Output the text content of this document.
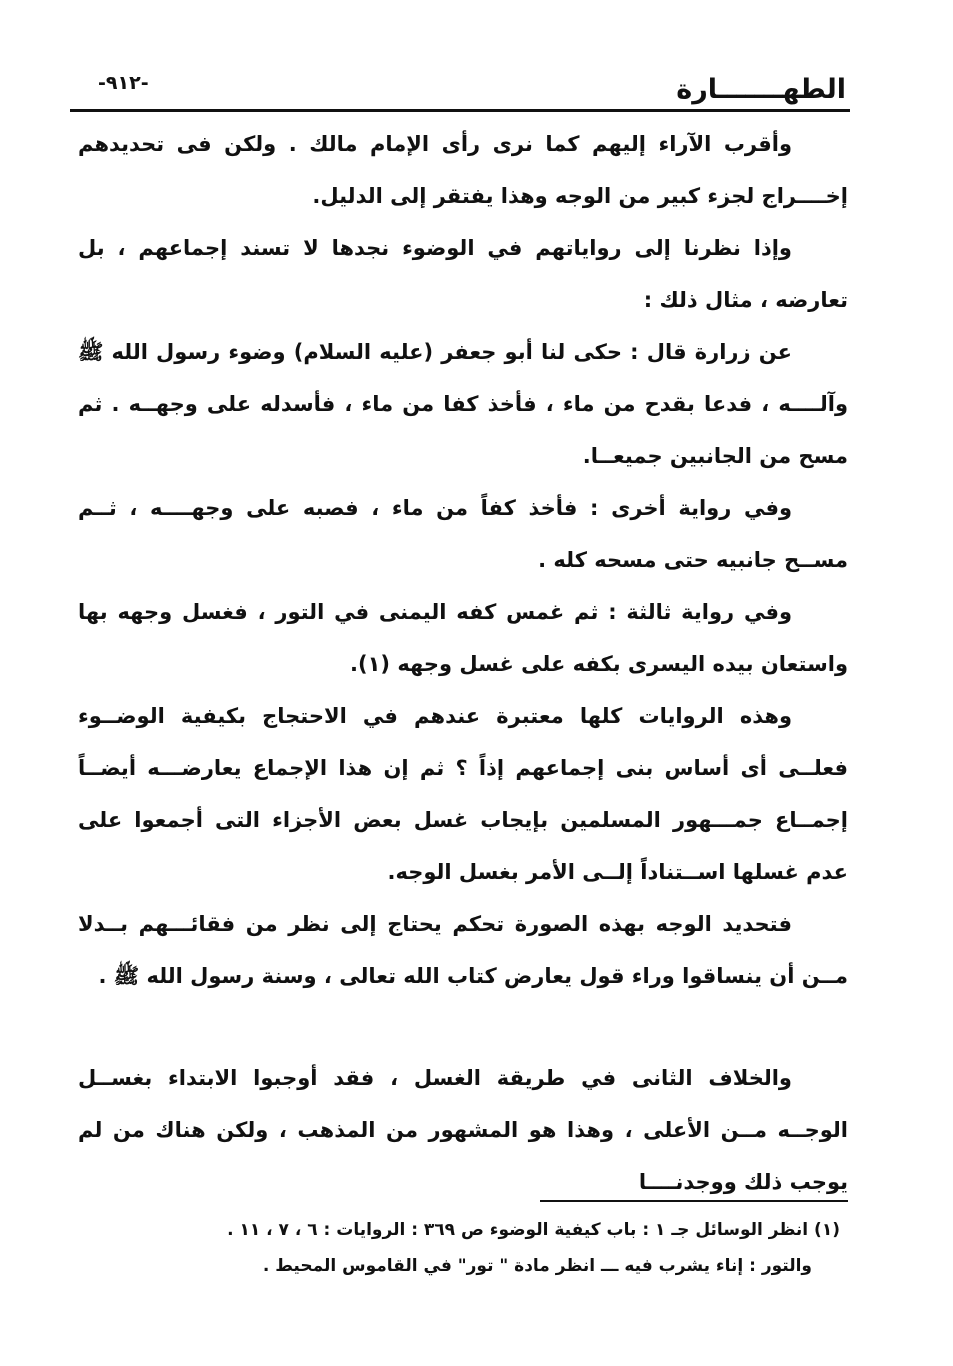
الطهـــــــارة
-٩١٢-

وأقرب الآراء إليهم كما نرى رأى الإمام مالك . ولكن فى تحديدهم إخــــراج لجزء كبير من الوجه وهذا يفتقر إلى الدليل.

وإذا نظرنا إلى رواياتهم في الوضوء نجدها لا تسند إجماعهم ، بل تعارضه ، مثال ذلك :

عن زرارة قال : حكى لنا أبو جعفر (عليه السلام) وضوء رسول الله ﷺ وآلــــه ، فدعا بقدح من ماء ، فأخذ كفا من ماء ، فأسدله على وجهــه . ثم مسح من الجانبين جميعــا.

وفي رواية أخرى : فأخذ كفاً من ماء ، فصبه على وجهــــه ، ثــم مســح جانبيه حتى مسحه كله .

وفي رواية ثالثة : ثم غمس كفه اليمنى في التور ، فغسل وجهه بها واستعان بيده اليسرى بكفه على غسل وجهه (١).

وهذه الروايات كلها معتبرة عندهم في الاحتجاج بكيفية الوضــوء فعلــى أى أساس بنى إجماعهم إذاً ؟ ثم إن هذا الإجماع يعارضـــه أيضــاً إجمــاع جمـــهور المسلمين بإيجاب غسل بعض الأجزاء التى أجمعوا على عدم غسلها اســتناداً إلــى الأمر بغسل الوجه.

فتحديد الوجه بهذه الصورة تحكم يحتاج إلى نظر من فقائـــهم بــدلا مــن أن ينساقوا وراء قول يعارض كتاب الله تعالى ، وسنة رسول الله ﷺ .

والخلاف الثانى في طريقة الغسل ، فقد أوجبوا الابتداء بغســل الوجــه مــن الأعلى ، وهذا هو المشهور من المذهب ، ولكن هناك من لم يوجب ذلك ووجدنــــا

(١) انظر الوسائل جـ ١ : باب كيفية الوضوء ص ٣٦٩ : الروايات : ٦ ، ٧ ، ١١ .

والتور : إناء يشرب فيه ـــ انظر مادة " تور" في القاموس المحيط .
